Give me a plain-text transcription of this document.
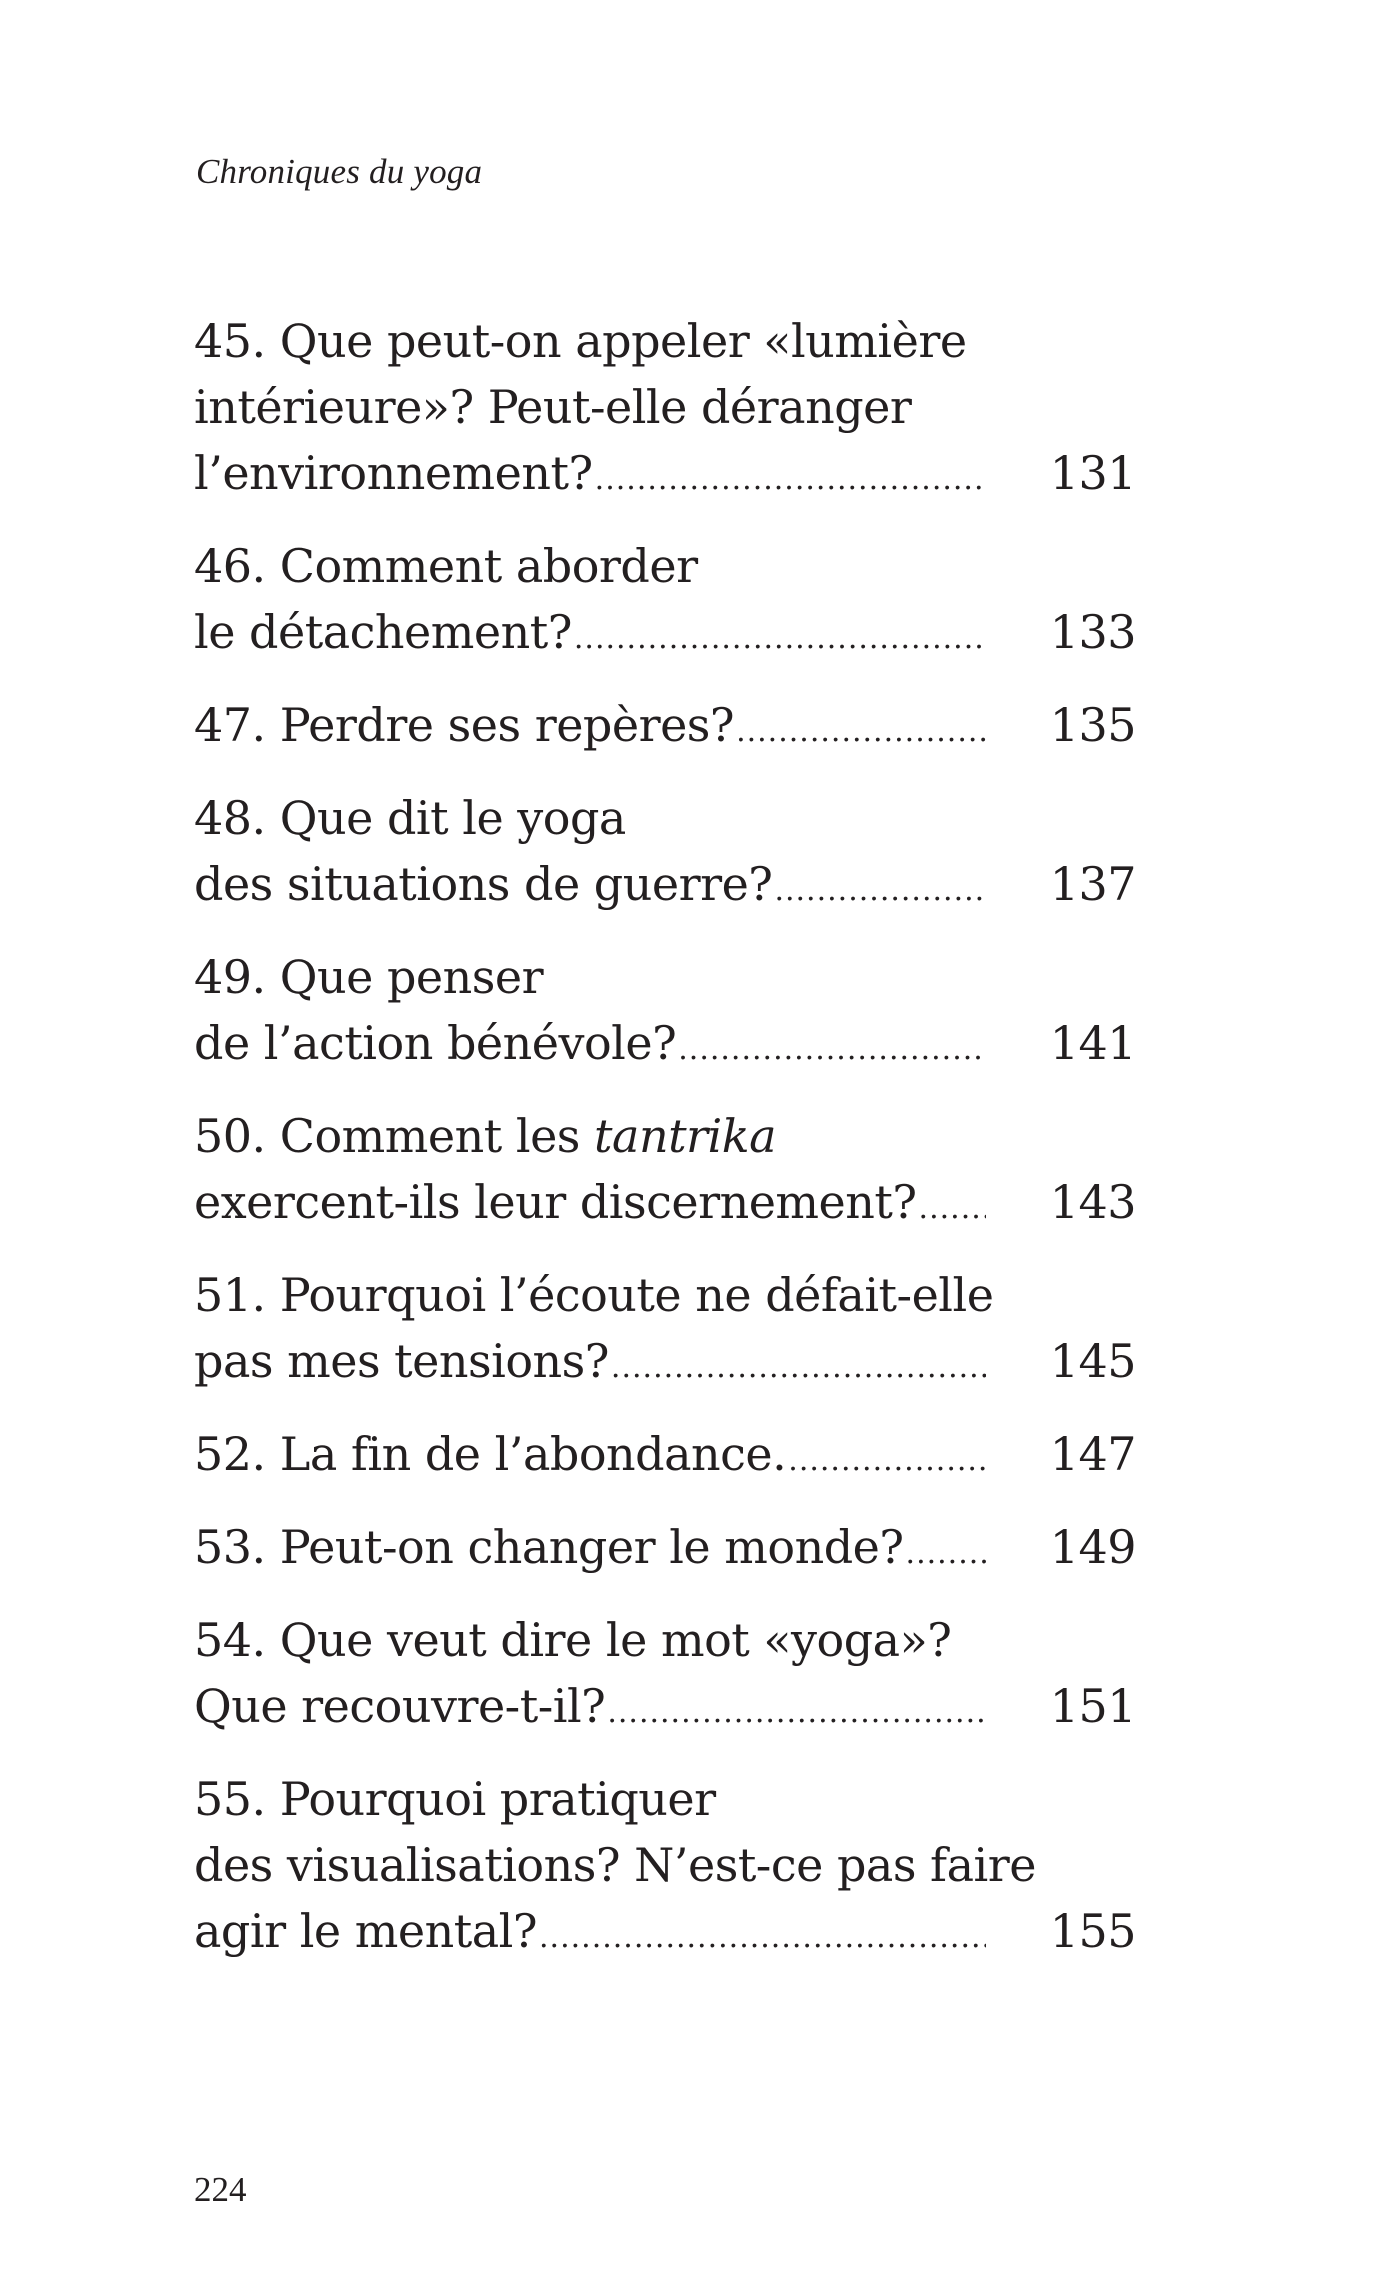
Chroniques du yoga
45. Que peut-on appeler «lumière
intérieure»? Peut-elle déranger
l’environnement? .....	131
46. Comment aborder
le détachement? .....	133
47. Perdre ses repères? .....	135
48. Que dit le yoga
des situations de guerre? .....	137
49. Que penser
de l’action bénévole? .....	141
50. Comment les tantrika
exercent-ils leur discernement? .....	143
51. Pourquoi l’écoute ne défait-elle
pas mes tensions? .....	145
52. La fin de l’abondance. .....	147
53. Peut-on changer le monde? .....	149
54. Que veut dire le mot «yoga»?
Que recouvre-t-il? .....	151
55. Pourquoi pratiquer
des visualisations? N’est-ce pas faire
agir le mental? .....	155
224
